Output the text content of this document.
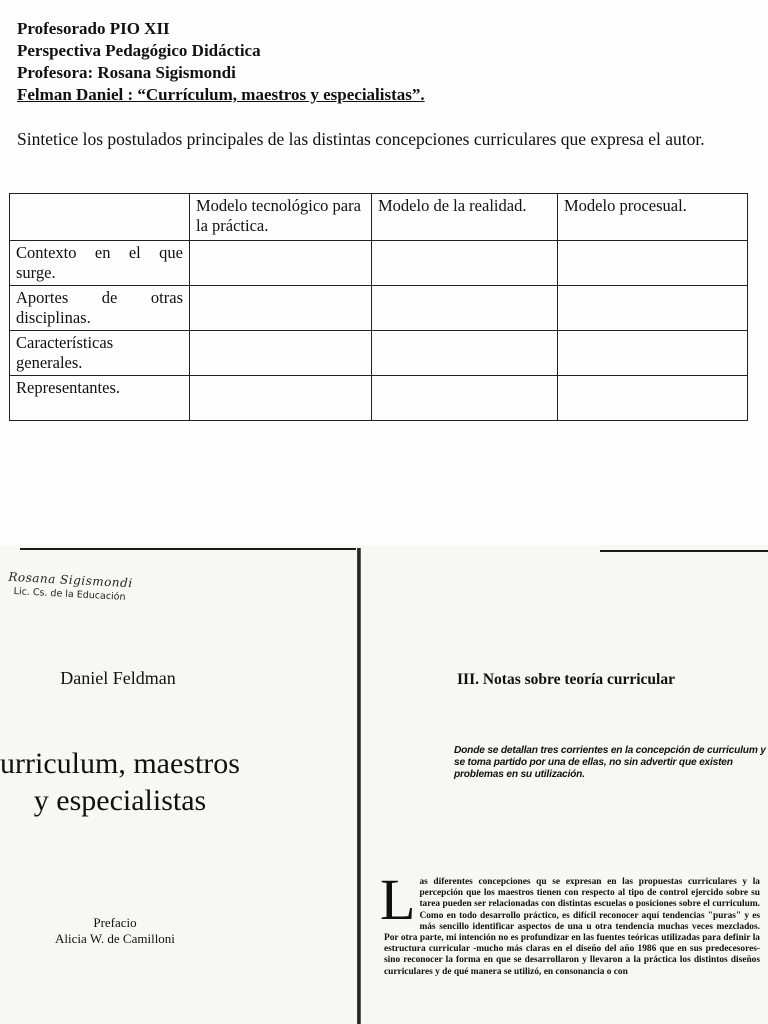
Profesorado PIO XII
Perspectiva Pedagógico Didáctica
Profesora: Rosana Sigismondi
Felman Daniel : “Currículum, maestros y especialistas”.
Sintetice los postulados principales de las distintas concepciones curriculares que expresa el autor.
	Modelo tecnológico para la práctica.	Modelo de la realidad.	Modelo procesual.
Contexto en el que surge.			
Aportes de otras disciplinas.			
Características generales.			
Representantes.			
Rosana Sigismondi
Lic. Cs. de la Educación
Daniel Feldman
urriculum, maestros
y especialistas
Prefacio
Alicia W. de Camilloni
III. Notas sobre teoría curricular
Donde se detallan tres corrientes en la concepción de curriculum y se toma partido por una de ellas, no sin advertir que existen problemas en su utilización.
Las diferentes concepciones qu se expresan en las propuestas curriculares y la percepción que los maestros tienen con respecto al tipo de control ejercido sobre su tarea pueden ser relacionadas con distintas escuelas o posiciones sobre el curriculum. Como en todo desarrollo práctico, es difícil reconocer aquí tendencias "puras" y es más sencillo identificar aspectos de una u otra tendencia muchas veces mezclados. Por otra parte, mi intención no es profundizar en las fuentes teóricas utilizadas para definir la estructura curricular -mucho más claras en el diseño del año 1986 que en sus predecesores- sino reconocer la forma en que se desarrollaron y llevaron a la práctica los distintos diseños curriculares y de qué manera se utilizó, en consonancia o con
